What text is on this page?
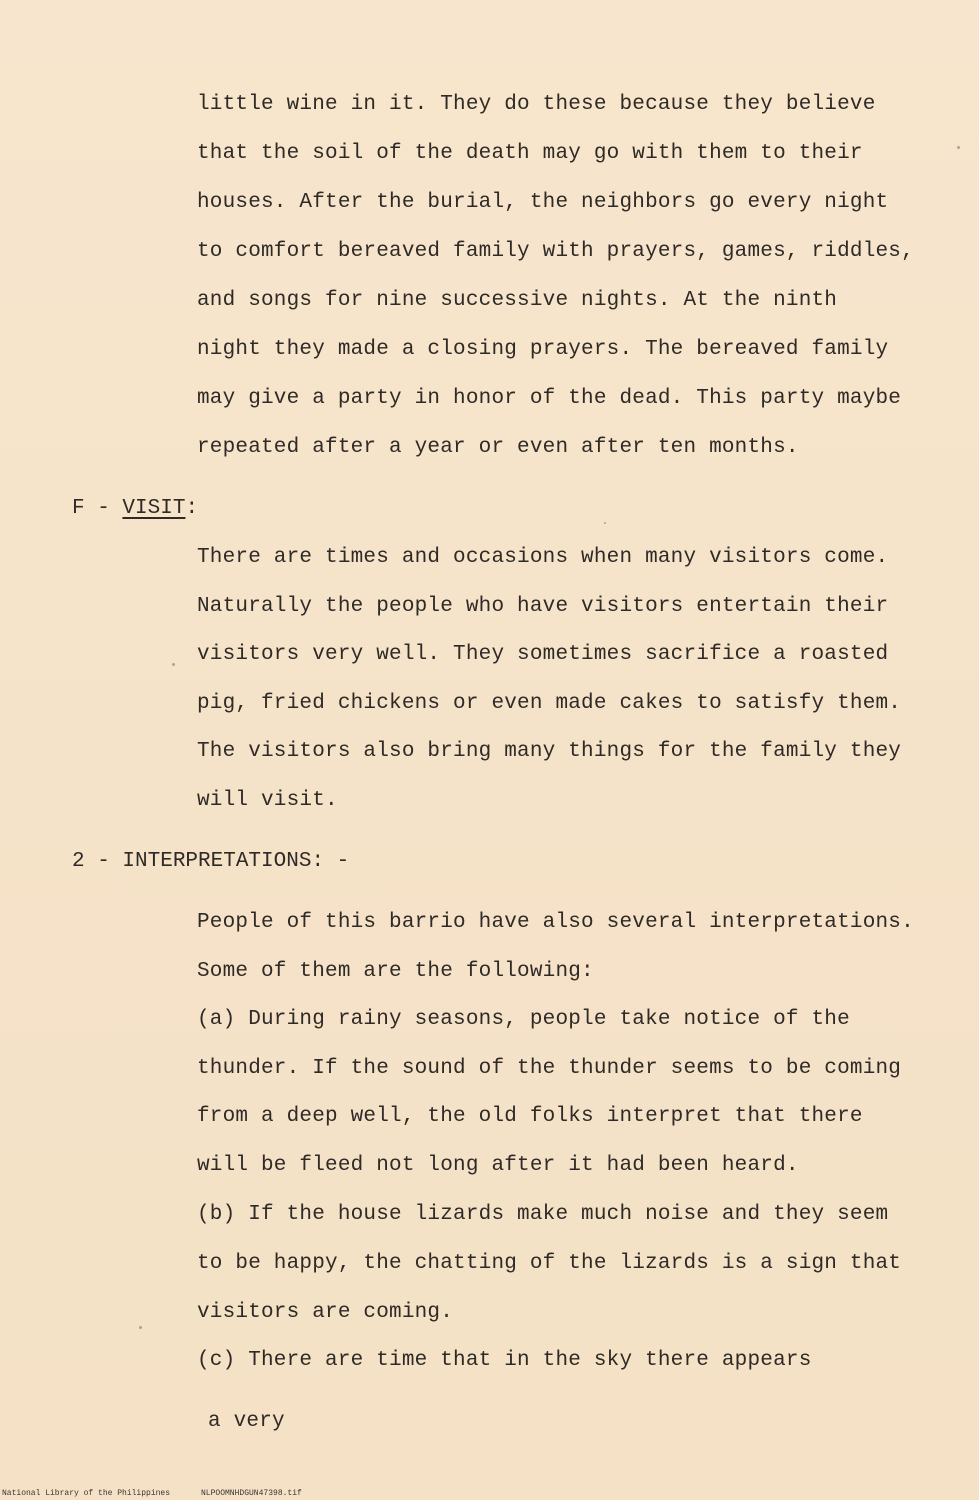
little wine in it. They do these because they believe
that the soil of the death may go with them to their
houses. After the burial, the neighbors go every night
to comfort bereaved family with prayers, games, riddles,
and songs for nine successive nights. At the ninth
night they made a closing prayers. The bereaved family
may give a party in honor of the dead. This party maybe
repeated after a year or even after ten months.
F - VISIT:
There are times and occasions when many visitors come.
Naturally the people who have visitors entertain their
visitors very well. They sometimes sacrifice a roasted
pig, fried chickens or even made cakes to satisfy them.
The visitors also bring many things for the family they
will visit.
2 - INTERPRETATIONS: -
People of this barrio have also several interpretations.
Some of them are the following:
(a) During rainy seasons, people take notice of the
thunder. If the sound of the thunder seems to be coming
from a deep well, the old folks interpret that there
will be fleed not long after it had been heard.
(b) If the house lizards make much noise and they seem
to be happy, the chatting of the lizards is a sign that
visitors are coming.
(c) There are time that in the sky there appears
a very
National Library of the Philippines	NLPOOMNHDGUN47398.tif
